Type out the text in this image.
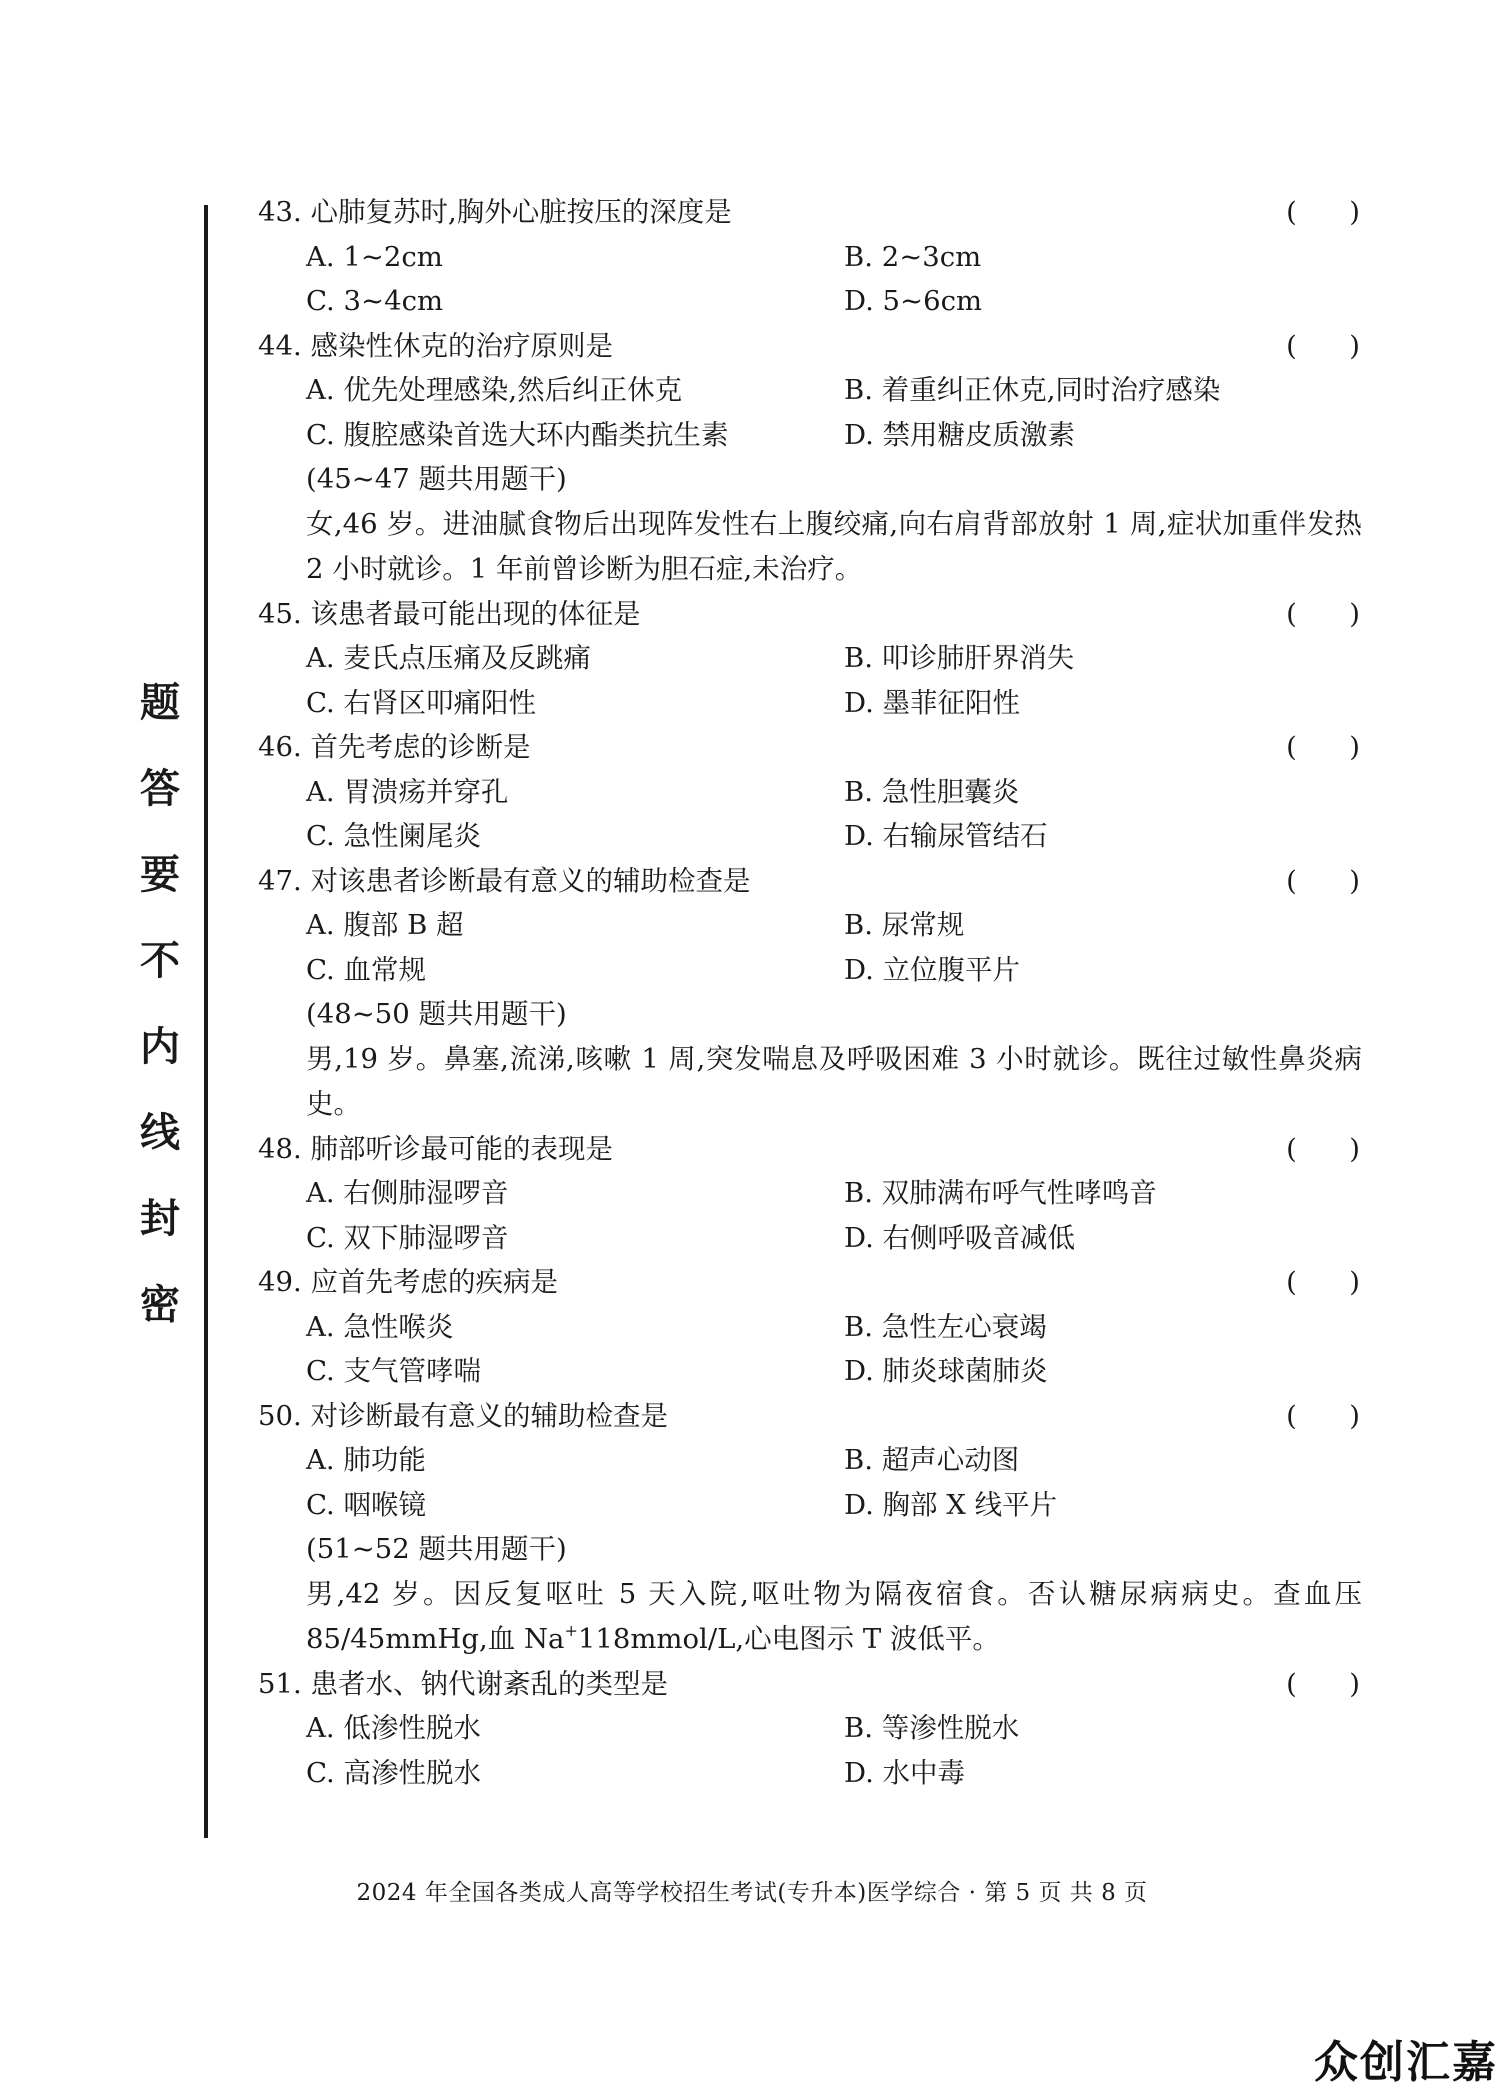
题
答
要
不
内
线
封
密
43. 心肺复苏时,胸外心脏按压的深度是	(      )
A. 1~2cm	B. 2~3cm
C. 3~4cm	D. 5~6cm
44. 感染性休克的治疗原则是	(      )
A. 优先处理感染,然后纠正休克	B. 着重纠正休克,同时治疗感染
C. 腹腔感染首选大环内酯类抗生素	D. 禁用糖皮质激素
(45~47 题共用题干)
女,46 岁。进油腻食物后出现阵发性右上腹绞痛,向右肩背部放射 1 周,症状加重伴发热 2 小时就诊。1 年前曾诊断为胆石症,未治疗。
45. 该患者最可能出现的体征是	(      )
A. 麦氏点压痛及反跳痛	B. 叩诊肺肝界消失
C. 右肾区叩痛阳性	D. 墨菲征阳性
46. 首先考虑的诊断是	(      )
A. 胃溃疡并穿孔	B. 急性胆囊炎
C. 急性阑尾炎	D. 右输尿管结石
47. 对该患者诊断最有意义的辅助检查是	(      )
A. 腹部 B 超	B. 尿常规
C. 血常规	D. 立位腹平片
(48~50 题共用题干)
男,19 岁。鼻塞,流涕,咳嗽 1 周,突发喘息及呼吸困难 3 小时就诊。既往过敏性鼻炎病史。
48. 肺部听诊最可能的表现是	(      )
A. 右侧肺湿啰音	B. 双肺满布呼气性哮鸣音
C. 双下肺湿啰音	D. 右侧呼吸音减低
49. 应首先考虑的疾病是	(      )
A. 急性喉炎	B. 急性左心衰竭
C. 支气管哮喘	D. 肺炎球菌肺炎
50. 对诊断最有意义的辅助检查是	(      )
A. 肺功能	B. 超声心动图
C. 咽喉镜	D. 胸部 X 线平片
(51~52 题共用题干)
男,42 岁。因反复呕吐 5 天入院,呕吐物为隔夜宿食。否认糖尿病病史。查血压 85/45mmHg,血 Na+118mmol/L,心电图示 T 波低平。
51. 患者水、钠代谢紊乱的类型是	(      )
A. 低渗性脱水	B. 等渗性脱水
C. 高渗性脱水	D. 水中毒
2024 年全国各类成人高等学校招生考试(专升本)医学综合 · 第 5 页 共 8 页
众创汇嘉
